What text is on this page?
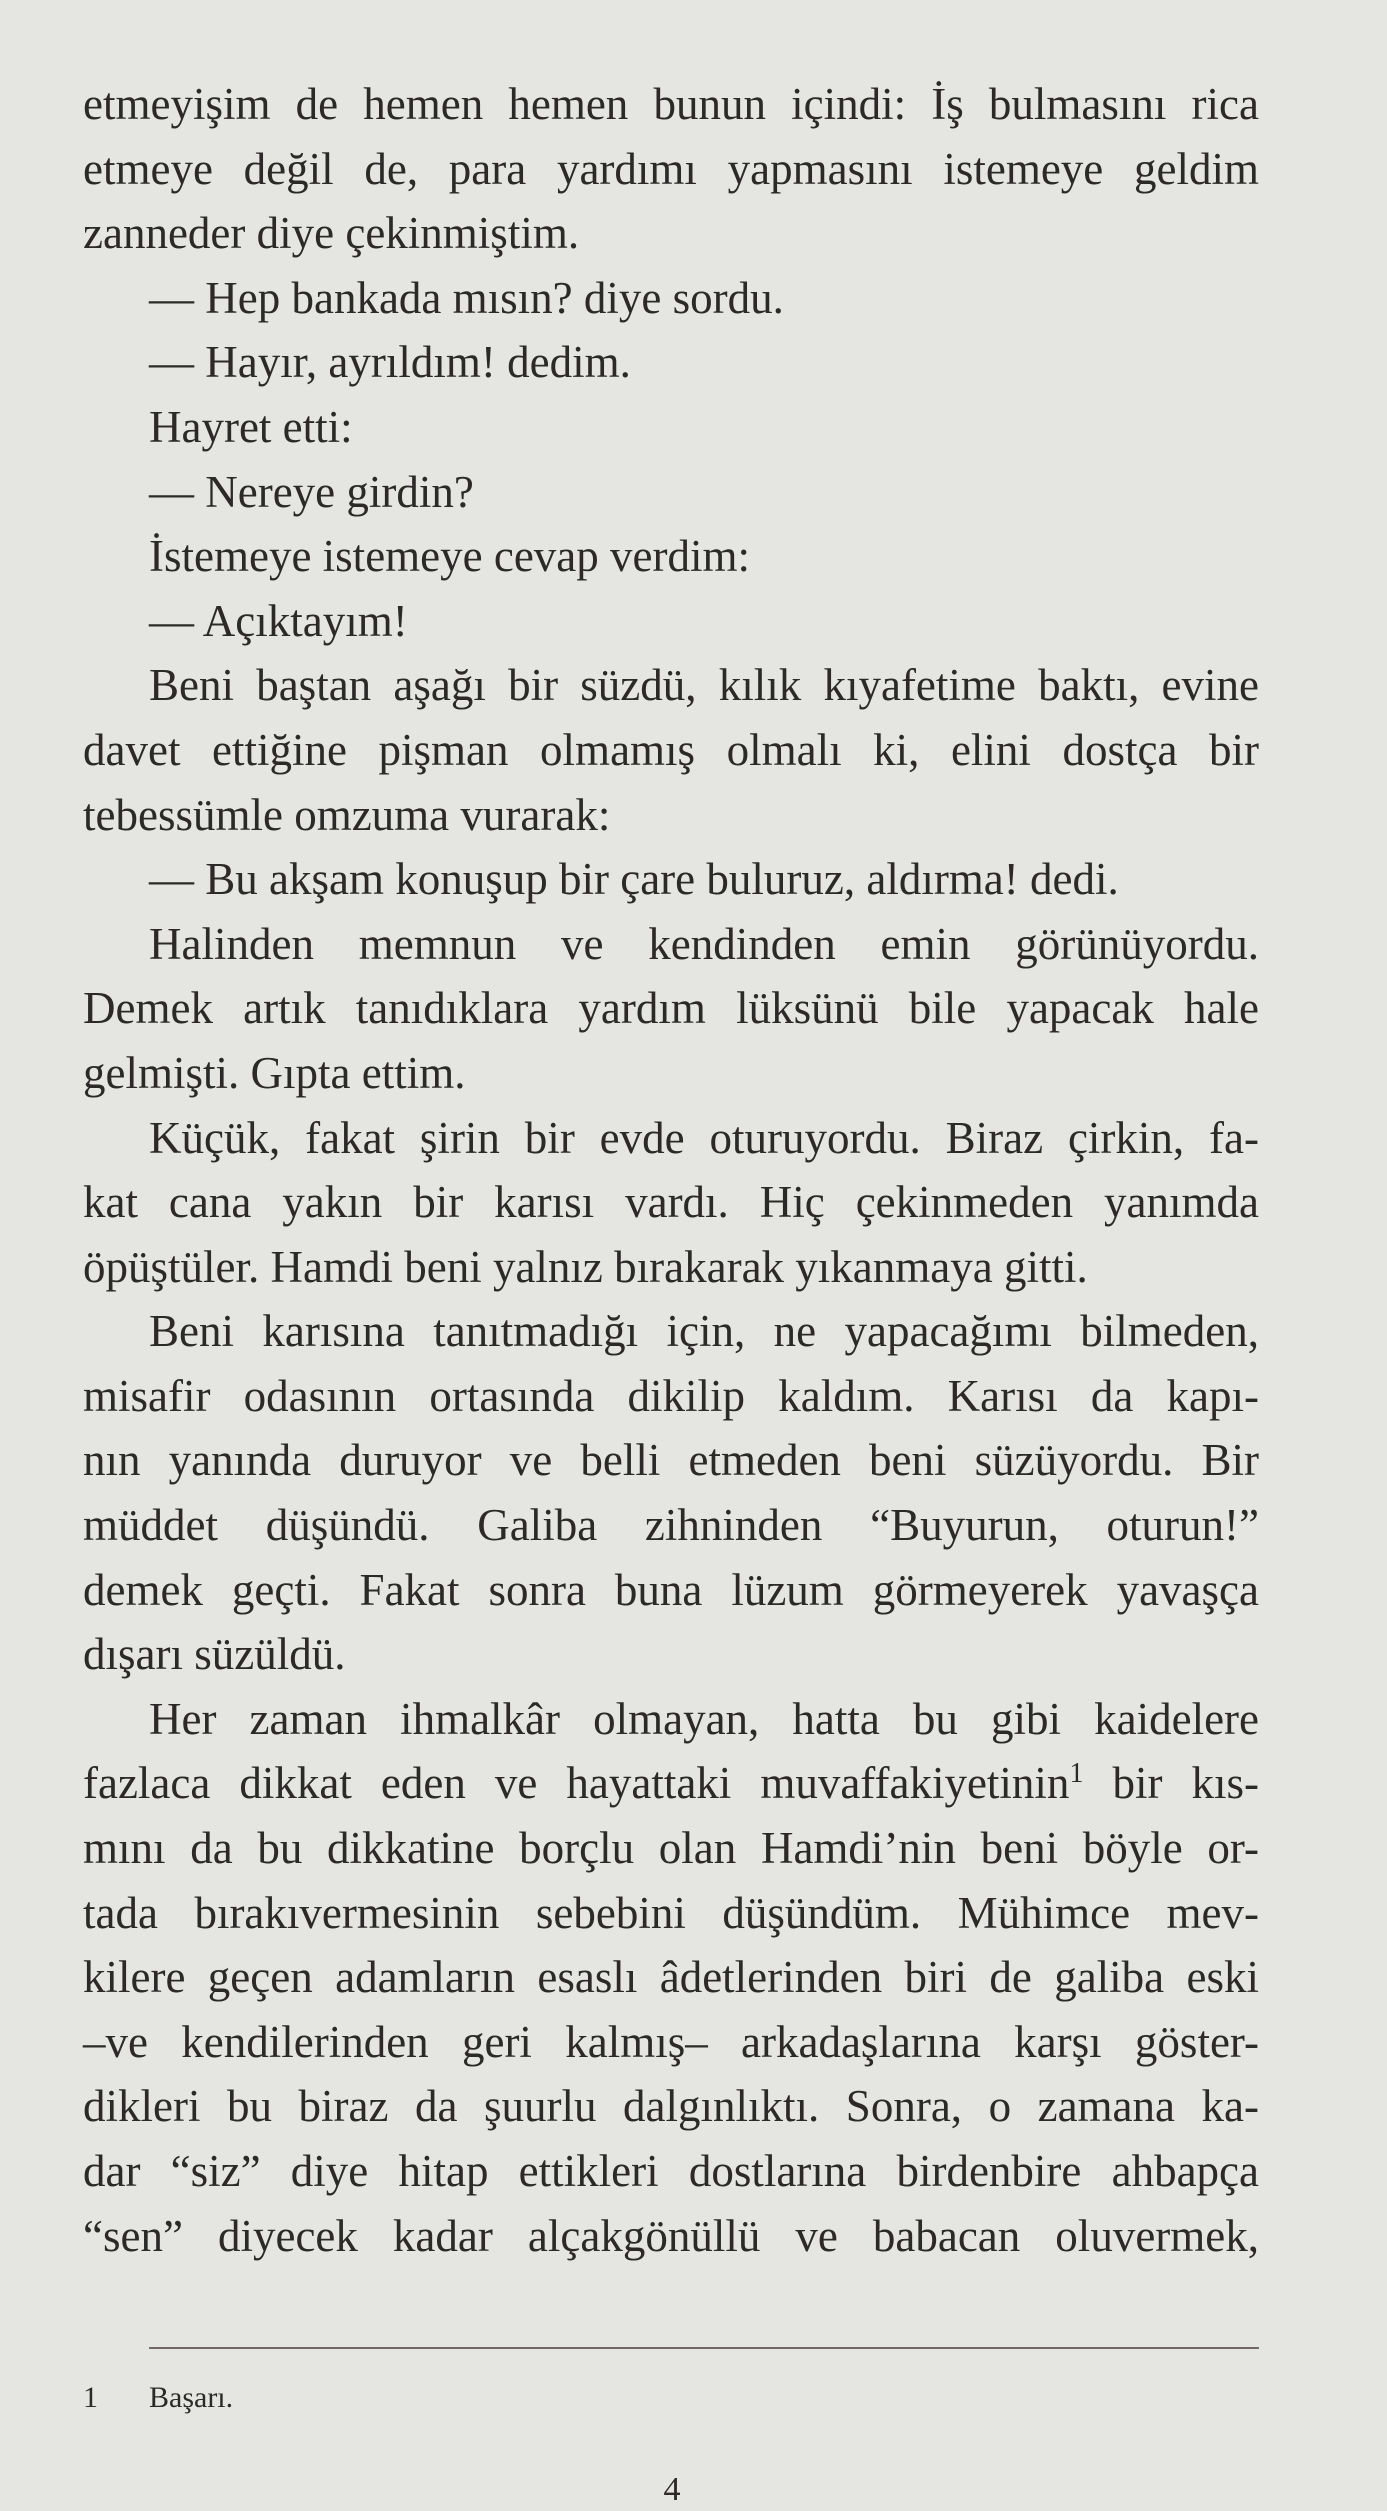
etmeyişim de hemen hemen bunun içindi: İş bulmasını rica
etmeye değil de, para yardımı yapmasını istemeye geldim
zanneder diye çekinmiştim.
— Hep bankada mısın? diye sordu.
— Hayır, ayrıldım! dedim.
Hayret etti:
— Nereye girdin?
İstemeye istemeye cevap verdim:
— Açıktayım!
Beni baştan aşağı bir süzdü, kılık kıyafetime baktı, evine
davet ettiğine pişman olmamış olmalı ki, elini dostça bir
tebessümle omzuma vurarak:
— Bu akşam konuşup bir çare buluruz, aldırma! dedi.
Halinden memnun ve kendinden emin görünüyordu.
Demek artık tanıdıklara yardım lüksünü bile yapacak hale
gelmişti. Gıpta ettim.
Küçük, fakat şirin bir evde oturuyordu. Biraz çirkin, fa-
kat cana yakın bir karısı vardı. Hiç çekinmeden yanımda
öpüştüler. Hamdi beni yalnız bırakarak yıkanmaya gitti.
Beni karısına tanıtmadığı için, ne yapacağımı bilmeden,
misafir odasının ortasında dikilip kaldım. Karısı da kapı-
nın yanında duruyor ve belli etmeden beni süzüyordu. Bir
müddet düşündü. Galiba zihninden “Buyurun, oturun!”
demek geçti. Fakat sonra buna lüzum görmeyerek yavaşça
dışarı süzüldü.
Her zaman ihmalkâr olmayan, hatta bu gibi kaidelere
fazlaca dikkat eden ve hayattaki muvaffakiyetinin$^1$ bir kıs-
mını da bu dikkatine borçlu olan Hamdi’nin beni böyle or-
tada bırakıvermesinin sebebini düşündüm. Mühimce mev-
kilere geçen adamların esaslı âdetlerinden biri de galiba eski
–ve kendilerinden geri kalmış– arkadaşlarına karşı göster-
dikleri bu biraz da şuurlu dalgınlıktı. Sonra, o zamana ka-
dar “siz” diye hitap ettikleri dostlarına birdenbire ahbapça
“sen” diyecek kadar alçakgönüllü ve babacan oluvermek,
1 Başarı.
4
